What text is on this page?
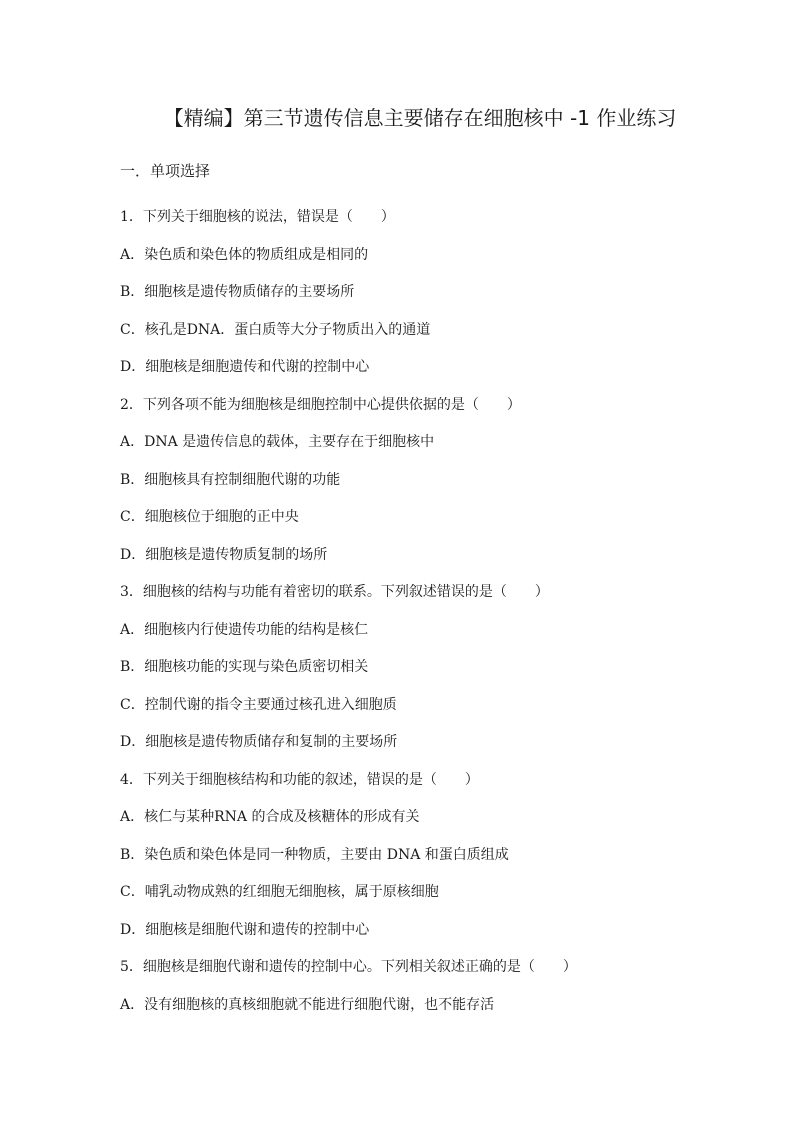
【精编】第三节遗传信息主要储存在细胞核中 -1 作业练习
一．单项选择
1．下列关于细胞核的说法，错误是（　　）
A．染色质和染色体的物质组成是相同的
B．细胞核是遗传物质储存的主要场所
C．核孔是DNA．蛋白质等大分子物质出入的通道
D．细胞核是细胞遗传和代谢的控制中心
2．下列各项不能为细胞核是细胞控制中心提供依据的是（　　）
A．DNA 是遗传信息的载体，主要存在于细胞核中
B．细胞核具有控制细胞代谢的功能
C．细胞核位于细胞的正中央
D．细胞核是遗传物质复制的场所
3．细胞核的结构与功能有着密切的联系。下列叙述错误的是（　　）
A．细胞核内行使遗传功能的结构是核仁
B．细胞核功能的实现与染色质密切相关
C．控制代谢的指令主要通过核孔进入细胞质
D．细胞核是遗传物质储存和复制的主要场所
4．下列关于细胞核结构和功能的叙述，错误的是（　　）
A．核仁与某种RNA 的合成及核糖体的形成有关
B．染色质和染色体是同一种物质，主要由 DNA 和蛋白质组成
C．哺乳动物成熟的红细胞无细胞核，属于原核细胞
D．细胞核是细胞代谢和遗传的控制中心
5．细胞核是细胞代谢和遗传的控制中心。下列相关叙述正确的是（　　）
A．没有细胞核的真核细胞就不能进行细胞代谢，也不能存活
